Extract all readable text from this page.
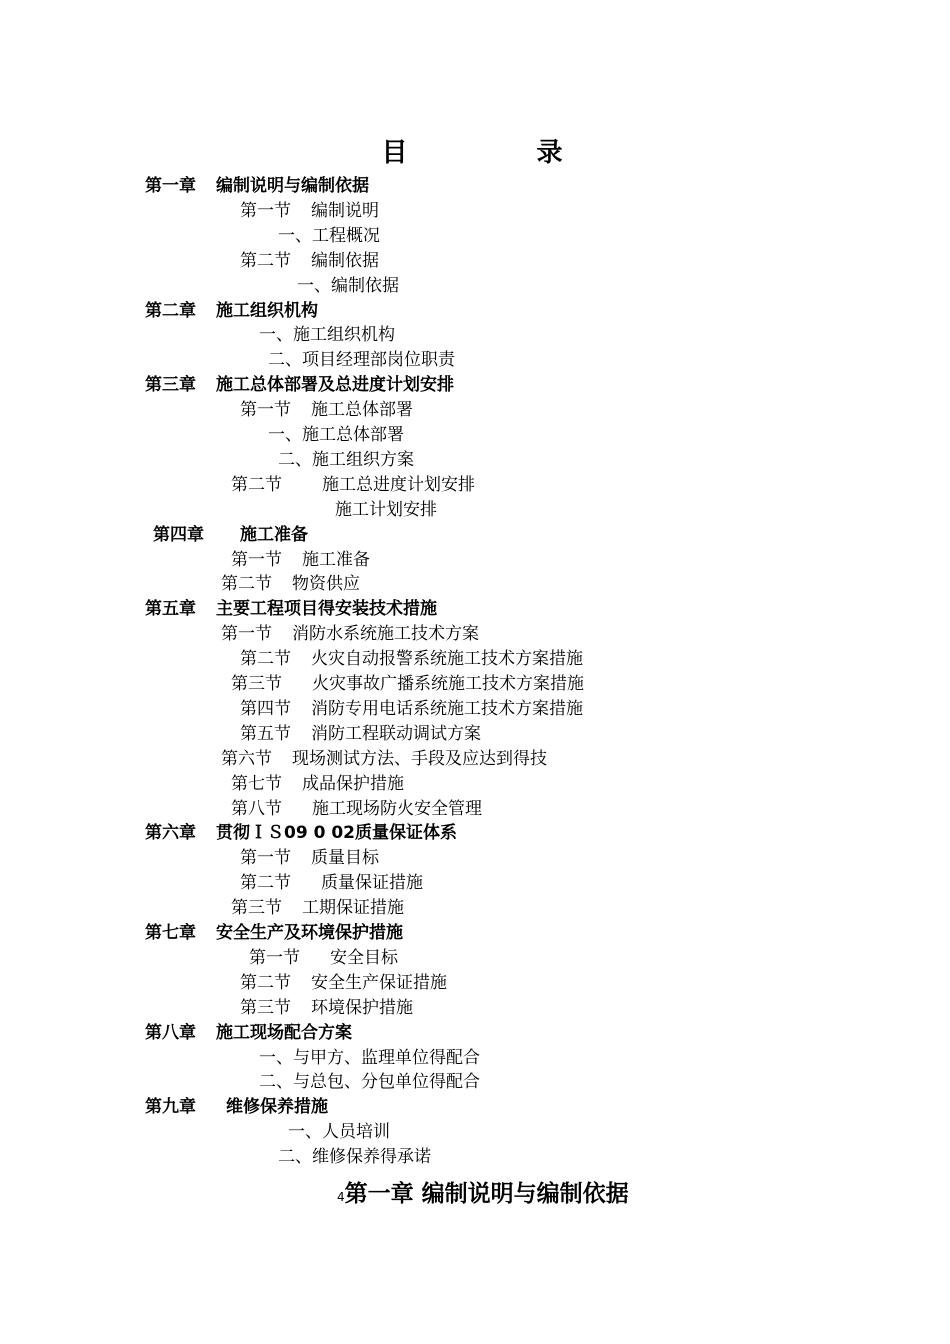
目 录
第一章 编制说明与编制依据
第一节 编制说明
一、工程概况
第二节 编制依据
一、编制依据
第二章 施工组织机构
一、施工组织机构
二、项目经理部岗位职责
第三章 施工总体部署及总进度计划安排
第一节 施工总体部署
一、施工总体部署
二、施工组织方案
第二节 施工总进度计划安排
施工计划安排
第四章 施工准备
第一节 施工准备
第二节 物资供应
第五章 主要工程项目得安装技术措施
第一节 消防水系统施工技术方案
第二节 火灾自动报警系统施工技术方案措施
第三节 火灾事故广播系统施工技术方案措施
第四节 消防专用电话系统施工技术方案措施
第五节 消防工程联动调试方案
第六节 现场测试方法、手段及应达到得技
第七节 成品保护措施
第八节 施工现场防火安全管理
第六章 贯彻ＩＳ09 0 02质量保证体系
第一节 质量目标
第二节 质量保证措施
第三节 工期保证措施
第七章 安全生产及环境保护措施
第一节 安全目标
第二节 安全生产保证措施
第三节 环境保护措施
第八章 施工现场配合方案
一、与甲方、监理单位得配合
二、与总包、分包单位得配合
第九章 维修保养措施
一、人员培训
二、维修保养得承诺
4第一章 编制说明与编制依据
